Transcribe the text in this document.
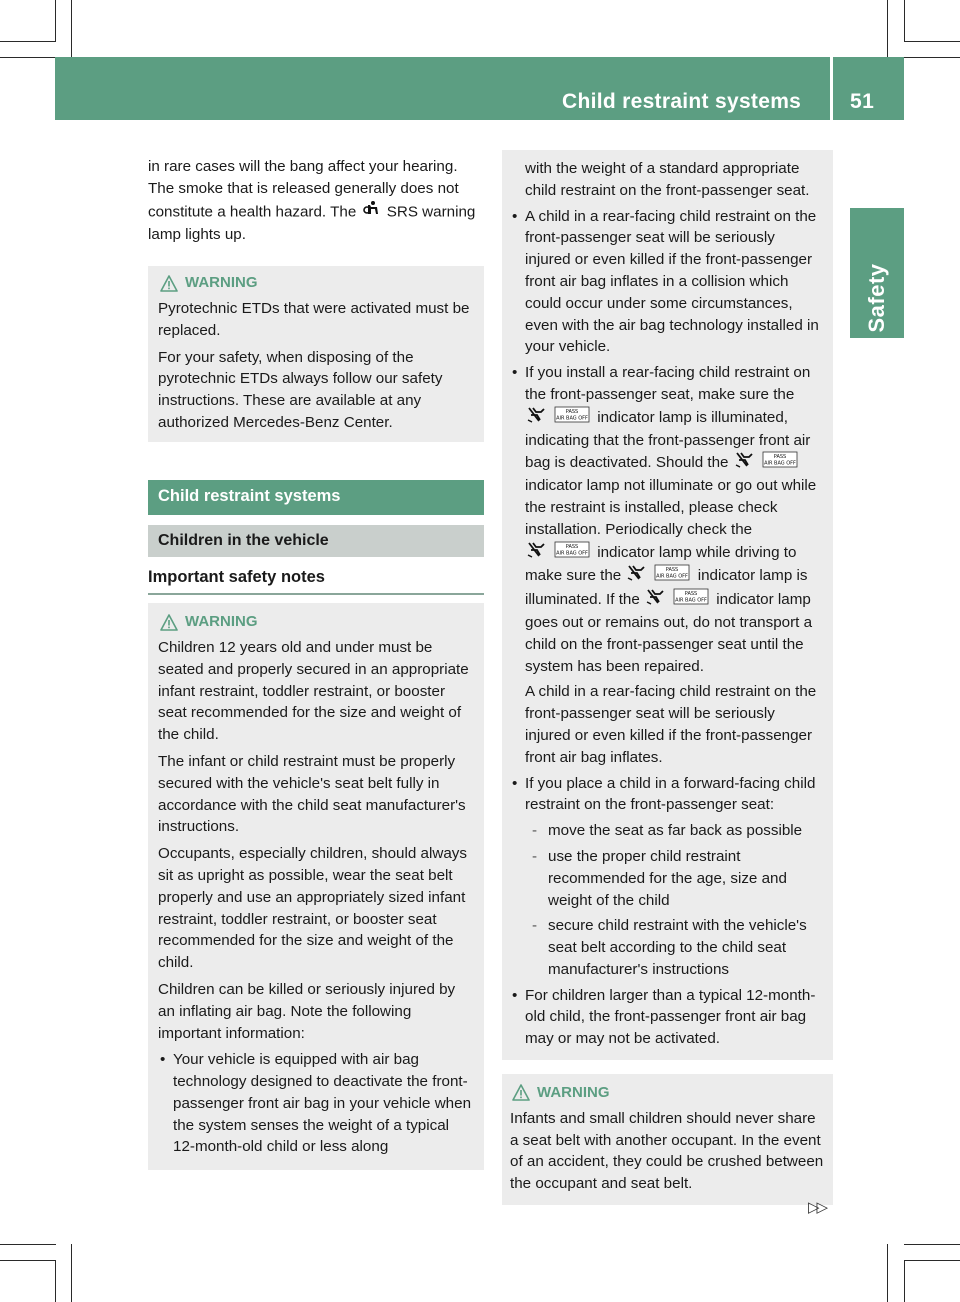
Child restraint systems 51
Safety

in rare cases will the bang affect your hearing. The smoke that is released generally does not constitute a health hazard. The SRS warning lamp lights up.

WARNING

Pyrotechnic ETDs that were activated must be replaced.

For your safety, when disposing of the pyrotechnic ETDs always follow our safety instructions. These are available at any authorized Mercedes-Benz Center.

Child restraint systems
Children in the vehicle
Important safety notes
WARNING

Children 12 years old and under must be seated and properly secured in an appropriate infant restraint, toddler restraint, or booster seat recommended for the size and weight of the child.

The infant or child restraint must be properly secured with the vehicle's seat belt fully in accordance with the child seat manufacturer's instructions.

Occupants, especially children, should always sit as upright as possible, wear the seat belt properly and use an appropriately sized infant restraint, toddler restraint, or booster seat recommended for the size and weight of the child.

Children can be killed or seriously injured by an inflating air bag. Note the following important information:

• Your vehicle is equipped with air bag technology designed to deactivate the front-passenger front air bag in your vehicle when the system senses the weight of a typical 12-month-old child or less along

with the weight of a standard appropriate child restraint on the front-passenger seat.

• A child in a rear-facing child restraint on the front-passenger seat will be seriously injured or even killed if the front-passenger front air bag inflates in a collision which could occur under some circumstances, even with the air bag technology installed in your vehicle.

• If you install a rear-facing child restraint on the front-passenger seat, make sure the
PASS
AIR BAG OFF indicator lamp is illuminated, indicating that the front-passenger front air bag is deactivated. Should the	PASS
AIR BAG OFF
indicator lamp not illuminate or go out while the restraint is installed, please check installation. Periodically check the
PASS
AIR BAG OFF indicator lamp while driving to make sure the	PASS
AIR BAG OFF indicator lamp is illuminated. If the	PASS
AIR BAG OFF indicator lamp goes out or remains out, do not transport a child on the front-passenger seat until the system has been repaired.

A child in a rear-facing child restraint on the front-passenger seat will be seriously injured or even killed if the front-passenger front air bag inflates.

• If you place a child in a forward-facing child restraint on the front-passenger seat:

- move the seat as far back as possible

- use the proper child restraint recommended for the age, size and weight of the child

- secure child restraint with the vehicle's seat belt according to the child seat manufacturer's instructions

• For children larger than a typical 12-month-old child, the front-passenger front air bag may or may not be activated.

WARNING

Infants and small children should never share a seat belt with another occupant. In the event of an accident, they could be crushed between the occupant and seat belt.

▷▷
